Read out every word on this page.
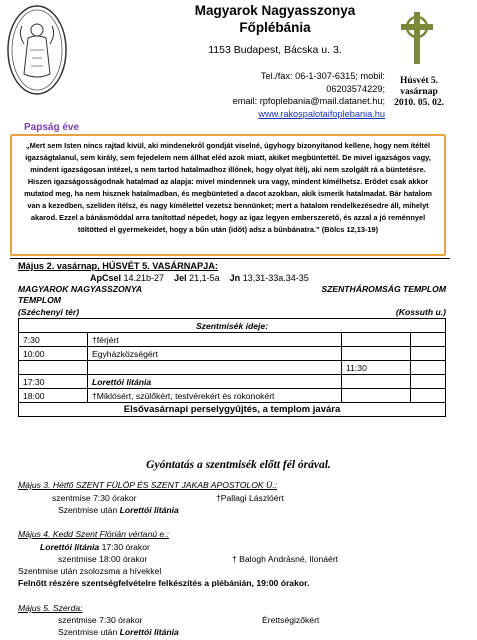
Magyarok Nagyasszonya
Főplébánia
1153 Budapest, Bácska u. 3.
Tel./fax: 06-1-307-6315; mobil:
06203574229;
email: rpfoplebania@mail.datanet.hu;
www.rakospalotaifoplebania.hu
Húsvét 5.
vasárnap
2010. 05. 02.
Papság éve
„Mert sem Isten nincs rajtad kívül, aki mindenekről gondját viselné, úgyhogy bizonyítanod kellene, hogy nem ítéltél igazságtalanul, sem király, sem fejedelem nem állhat eléd azok miatt, akiket megbüntettél. De mivel igazságos vagy, mindent igazságosan intézel, s nem tartod hatalmadhoz illőnek, hogy olyat ítélj, aki nem szolgált rá a büntetésre. Hiszen igazságosságodnak hatalmad az alapja: mivel mindennek ura vagy, mindent kímélhetsz. Erődet csak akkor mutatod meg, ha nem hisznek hatalmadban, és megbünteted a dacot azokban, akik ismerik hatalmadat. Bár hatalom van a kezedben, szelíden ítélsz, és nagy kímélettel vezetsz bennünket; mert a hatalom rendelkezésedre áll, mihelyt akarod. Ezzel a bánásmóddal arra tanítottad népedet, hogy az igaz legyen emberszerető, és azzal a jó reménnyel töltötted el gyermekeidet, hogy a bűn után (időt) adsz a bűnbánatra.” (Bölcs 12,13-19)
Május 2. vasárnap, HÚSVÉT 5. VASÁRNAPJA:
ApCsel 14.21b-27 Jel 21,1-5a Jn 13,31-33a.34-35
MAGYAROK NAGYASSZONYA
TEMPLOM
SZENTHÁROMSÁG TEMPLOM
(Széchenyi tér)	(Kossuth u.)
Szentmisék ideje:			
7:30	†férjért		
10:00	Egyházközségért		
		11:30	
17:30	Lorettói litánia		
18:00	†Miklósért, szülőkért, testvérekért és rokonokért		
Elsővasárnapi perselygyűjtés, a templom javára			
Gyóntatás a szentmisék előtt fél órával.
Május 3. Hétfő SZENT FÜLÖP ÉS SZENT JAKAB APOSTOLOK Ü.:
szentmise 7:30 órakor	†Pallagi Lászlóért
Szentmise után Lorettói litánia
Május 4. Kedd Szent Flórián vértanú e.:
Lorettói litánia 17:30 órakor
szentmise 18:00 órakor	† Balogh Andrásné, Ilonáért
Szentmise után zsolozsma a hívekkel
Felnőtt részére szentségfelvételre felkészítés a plébánián, 19:00 órakor.
Május 5. Szerda:
szentmise 7:30 órakor	Érettségizőkért
Szentmise után Lorettói litánia
